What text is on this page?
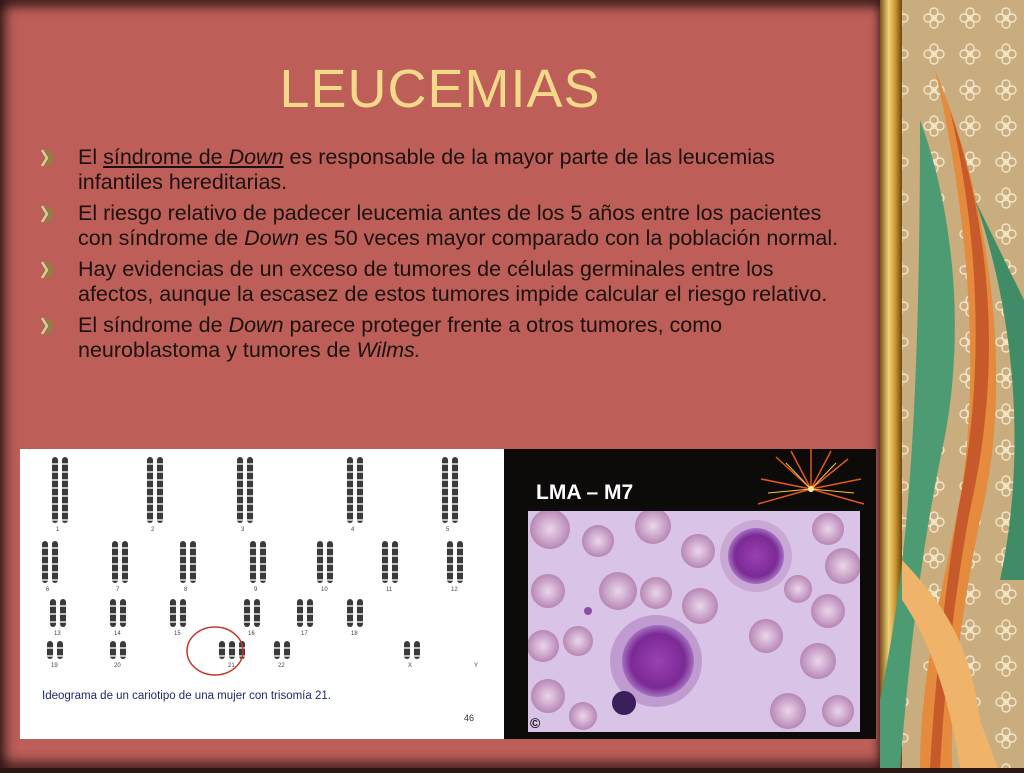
LEUCEMIAS
El síndrome de Down es responsable de la mayor parte de las leucemias infantiles hereditarias.
El riesgo relativo de padecer leucemia antes de los 5 años entre los pacientes con síndrome de Down es 50 veces mayor comparado con la población normal.
Hay evidencias de un exceso de tumores de células germinales entre los afectos, aunque la escasez de estos tumores impide calcular el riesgo relativo.
El síndrome de Down parece proteger frente a otros tumores, como neuroblastoma y tumores de Wilms.
1	2	3	4	5
6	7	8	9	10	11	12
13	14	15	16	17	18
19	20	21	22	X	Y
Ideograma de un cariotipo de una mujer con trisomía 21.
46
LMA – M7
©
